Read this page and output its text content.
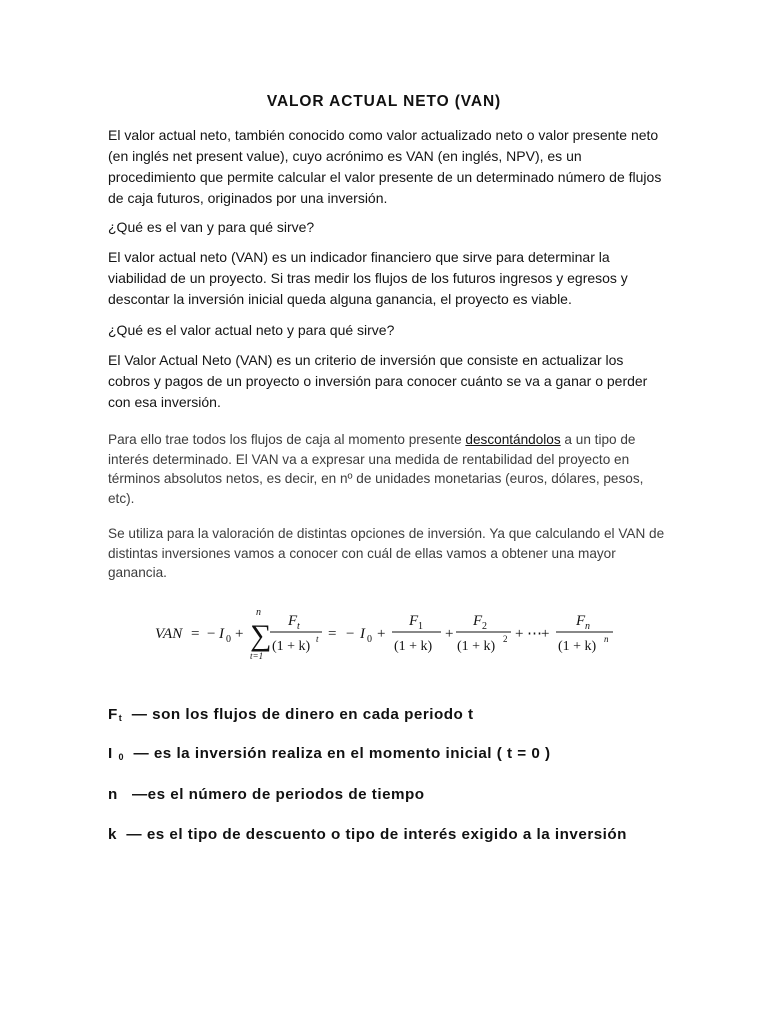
VALOR ACTUAL NETO (VAN)

El valor actual neto, también conocido como valor actualizado neto o valor presente neto (en inglés net present value), cuyo acrónimo es VAN (en inglés, NPV), es un procedimiento que permite calcular el valor presente de un determinado número de flujos de caja futuros, originados por una inversión.

¿Qué es el van y para qué sirve?

El valor actual neto (VAN) es un indicador financiero que sirve para determinar la viabilidad de un proyecto. Si tras medir los flujos de los futuros ingresos y egresos y descontar la inversión inicial queda alguna ganancia, el proyecto es viable.

¿Qué es el valor actual neto y para qué sirve?

El Valor Actual Neto (VAN) es un criterio de inversión que consiste en actualizar los cobros y pagos de un proyecto o inversión para conocer cuánto se va a ganar o perder con esa inversión.

Para ello trae todos los flujos de caja al momento presente descontándolos a un tipo de interés determinado. El VAN va a expresar una medida de rentabilidad del proyecto en términos absolutos netos, es decir, en nº de unidades monetarias (euros, dólares, pesos, etc).

Se utiliza para la valoración de distintas opciones de inversión. Ya que calculando el VAN de distintas inversiones vamos a conocer con cuál de ellas vamos a obtener una mayor ganancia.

VAN = − I 0 + ∑
n
t=1
F t
(1 + k) t = − I 0 +
F 1
(1 + k)
+
F 2
(1 + k) 2 + ⋯ +
F n
(1 + k) n

$F_t$ — son los flujos de dinero en cada periodo t

I $_0$ — es la inversión realiza en el momento inicial ( t = 0 )

n —es el número de periodos de tiempo

k — es el tipo de descuento o tipo de interés exigido a la inversión
